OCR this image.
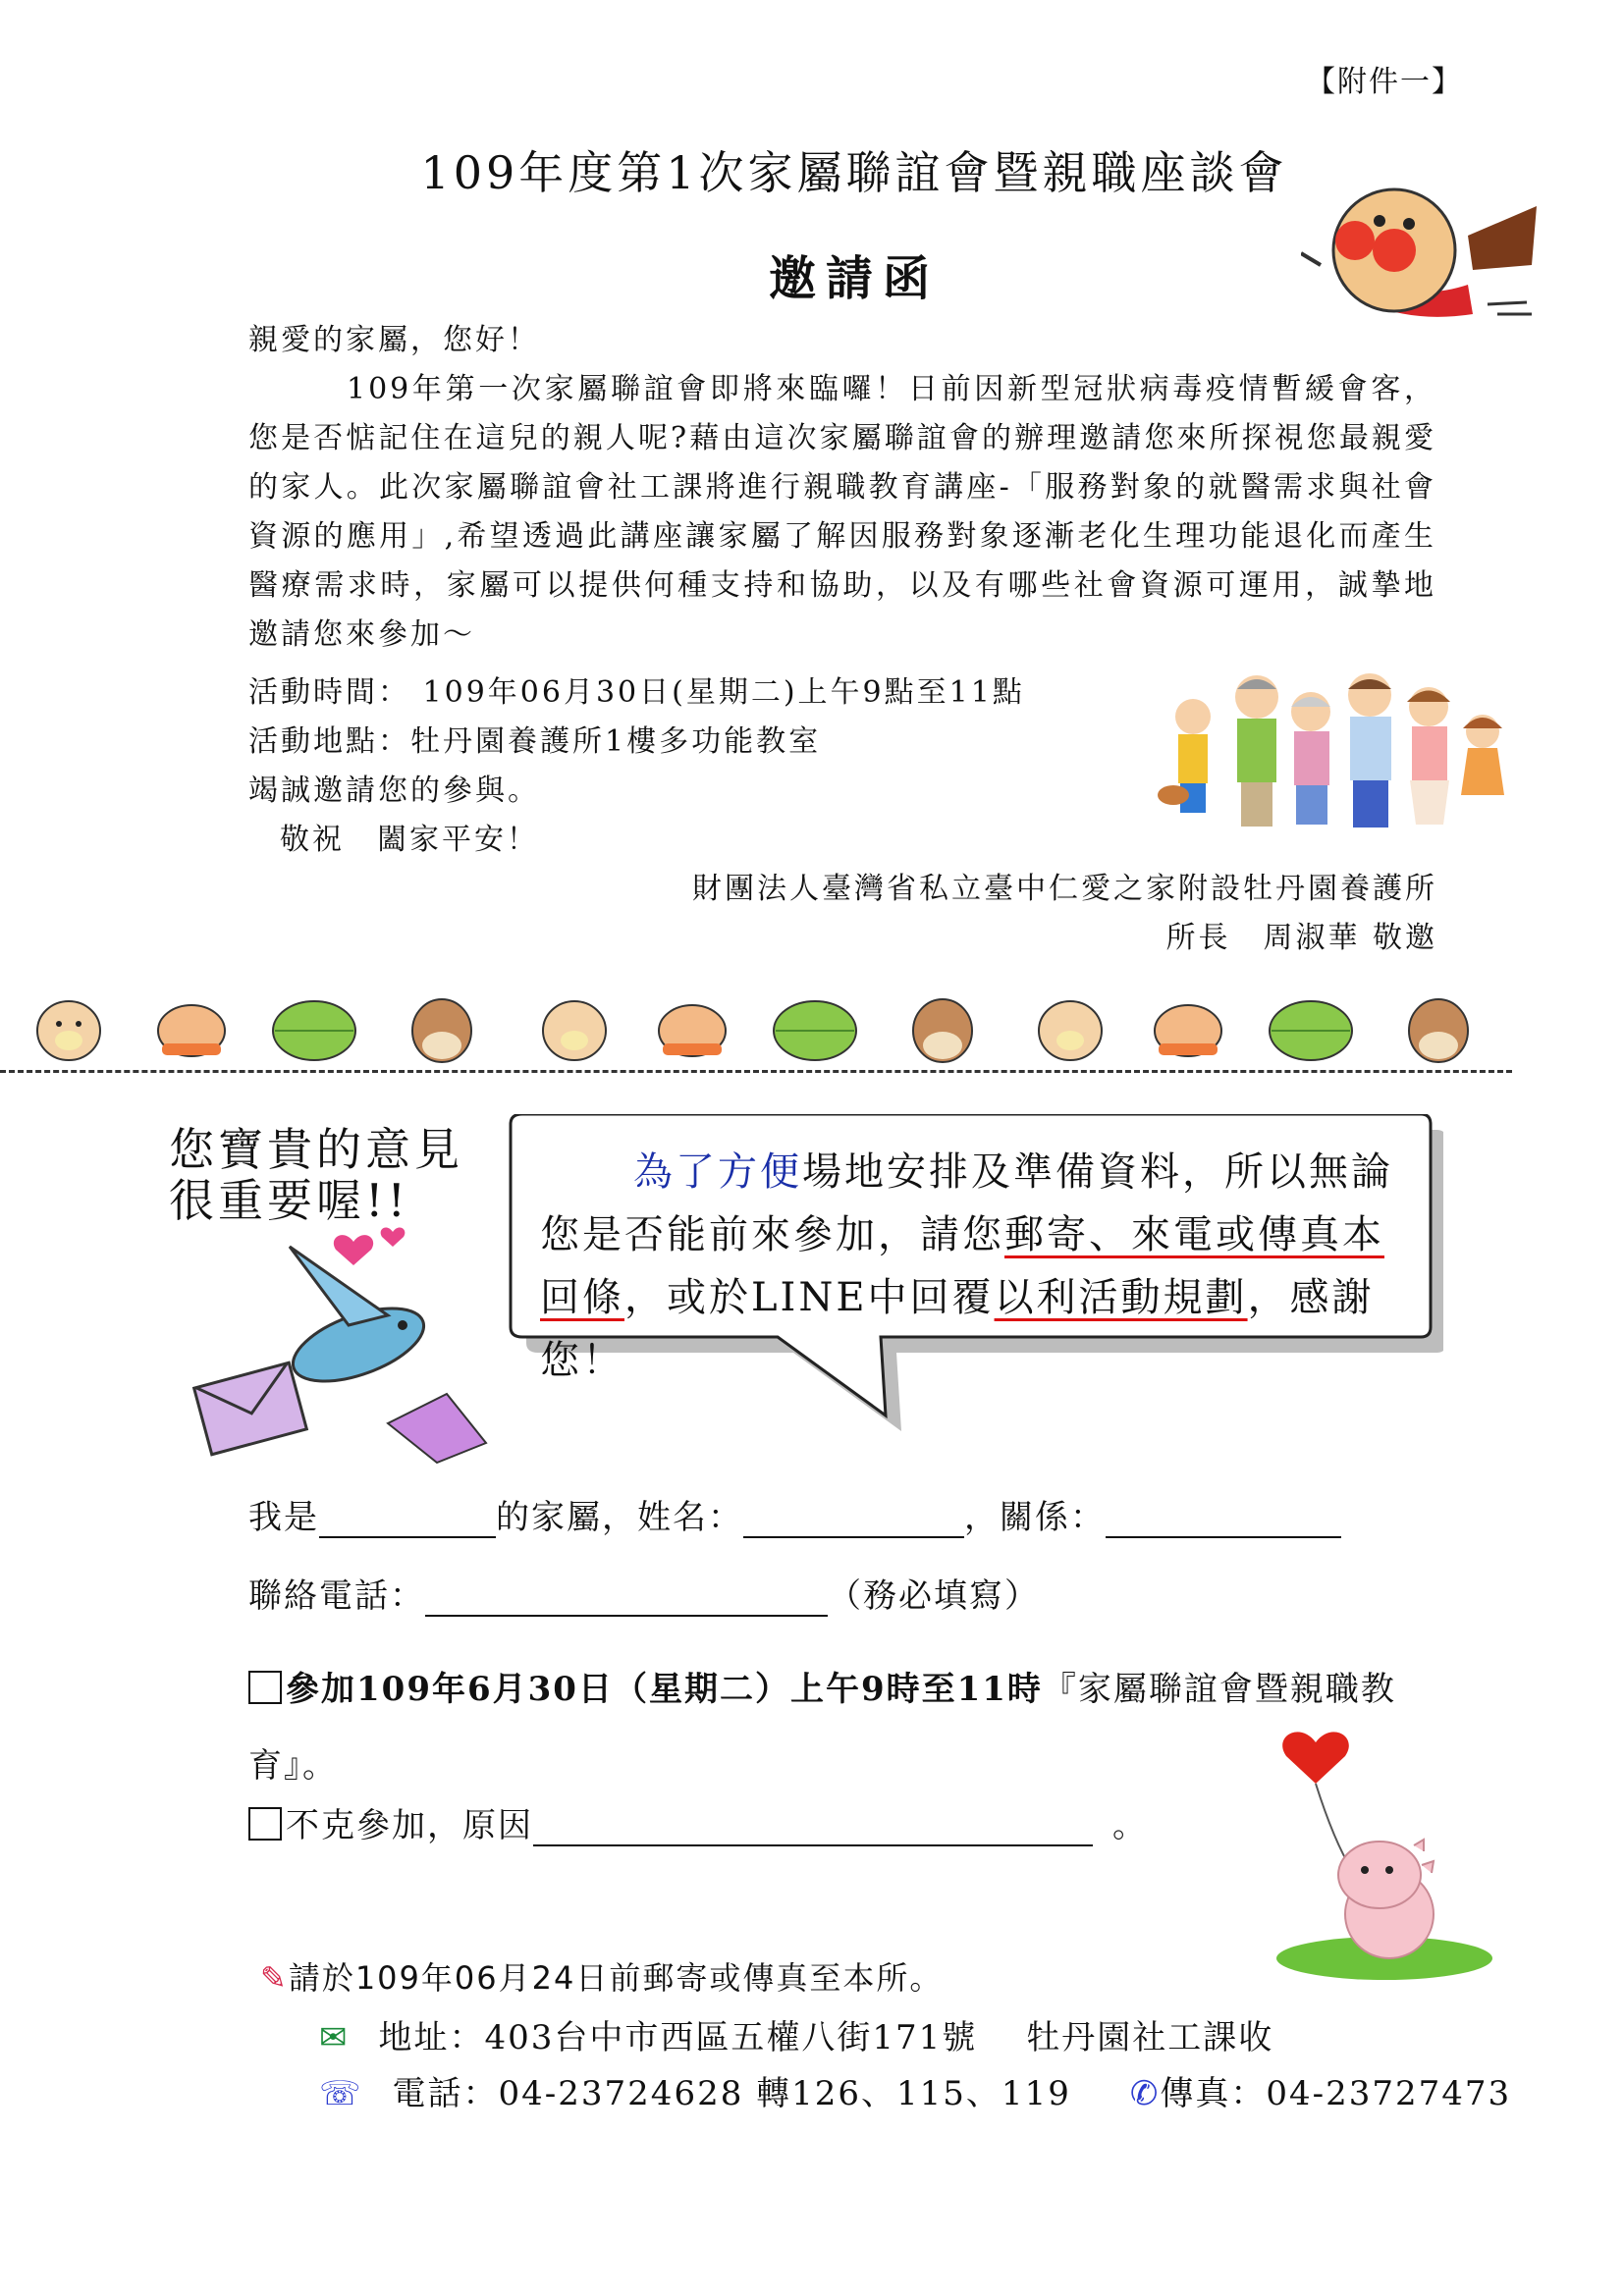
【附件一】
109年度第1次家屬聯誼會暨親職座談會
邀請函
親愛的家屬，您好！
109年第一次家屬聯誼會即將來臨囉！日前因新型冠狀病毒疫情暫緩會客，您是否惦記住在這兒的親人呢?藉由這次家屬聯誼會的辦理邀請您來所探視您最親愛的家人。此次家屬聯誼會社工課將進行親職教育講座-「服務對象的就醫需求與社會資源的應用」,希望透過此講座讓家屬了解因服務對象逐漸老化生理功能退化而產生醫療需求時，家屬可以提供何種支持和協助，以及有哪些社會資源可運用，誠摯地邀請您來參加～
活動時間： 109年06月30日(星期二)上午9點至11點
活動地點：牡丹園養護所1樓多功能教室
竭誠邀請您的參與。
敬祝　闔家平安！
財團法人臺灣省私立臺中仁愛之家附設牡丹園養護所
所長　周淑華 敬邀
您寶貴的意見很重要喔!!
為了方便場地安排及準備資料，所以無論您是否能前來參加，請您郵寄、來電或傳真本回條，或於LINE中回覆以利活動規劃，感謝您！
我是	的家屬，姓名：	，關係：
聯絡電話：	（務必填寫）
參加109年6月30日（星期二）上午9時至11時『家屬聯誼會暨親職教育』。
不克參加，原因	。
✎請於109年06月24日前郵寄或傳真至本所。
✉ 地址：403台中市西區五權八街171號 牡丹園社工課收
☏ 電話：04-23724628 轉126、115、119 ✆傳真：04-23727473
